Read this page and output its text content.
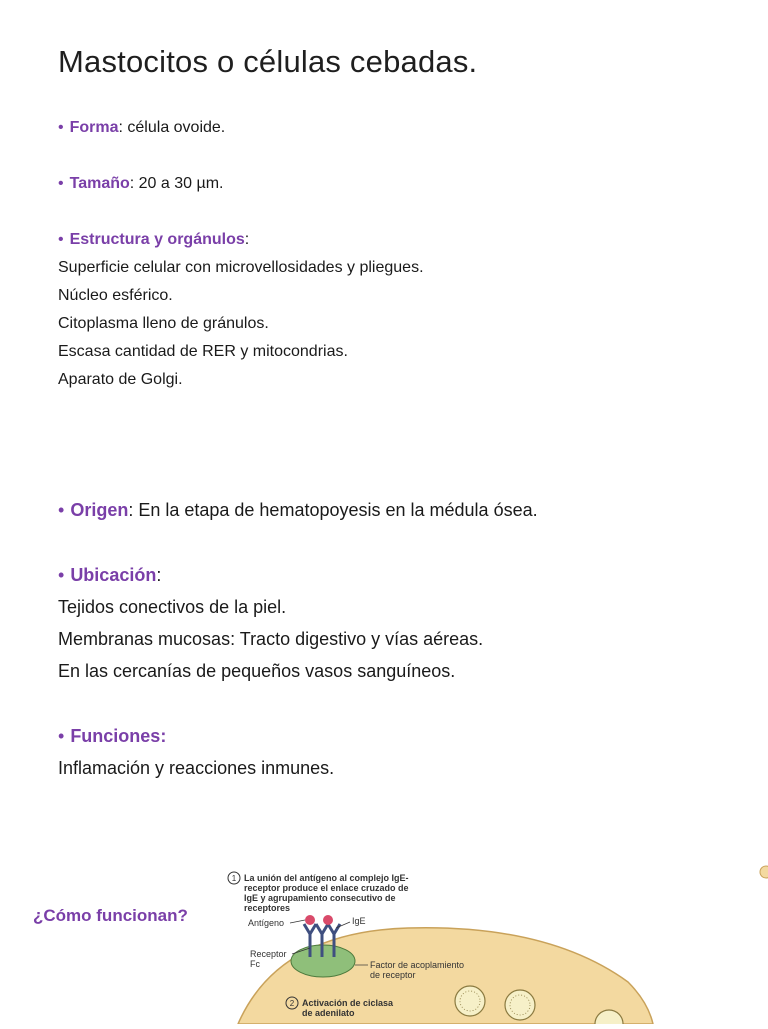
Mastocitos o células cebadas.
• Forma: célula ovoide.
• Tamaño: 20 a 30 µm.
• Estructura y orgánulos:
Superficie celular con microvellosidades y pliegues.
Núcleo esférico.
Citoplasma lleno de gránulos.
Escasa cantidad de RER y mitocondrias.
Aparato de Golgi.
• Origen: En la etapa de hematopoyesis en la médula ósea.
• Ubicación:
Tejidos conectivos de la piel.
Membranas mucosas: Tracto digestivo y vías aéreas.
En las cercanías de pequeños vasos sanguíneos.
• Funciones:
Inflamación y reacciones inmunes.
¿Cómo funcionan?
1 La unión del antígeno al complejo IgE-
receptor produce el enlace cruzado de
IgE y agrupamiento consecutivo de
receptores
Antígeno	IgE
Receptor
Fc	Factor de acoplamiento
de receptor
2 Activación de ciclasa
de adenilato
